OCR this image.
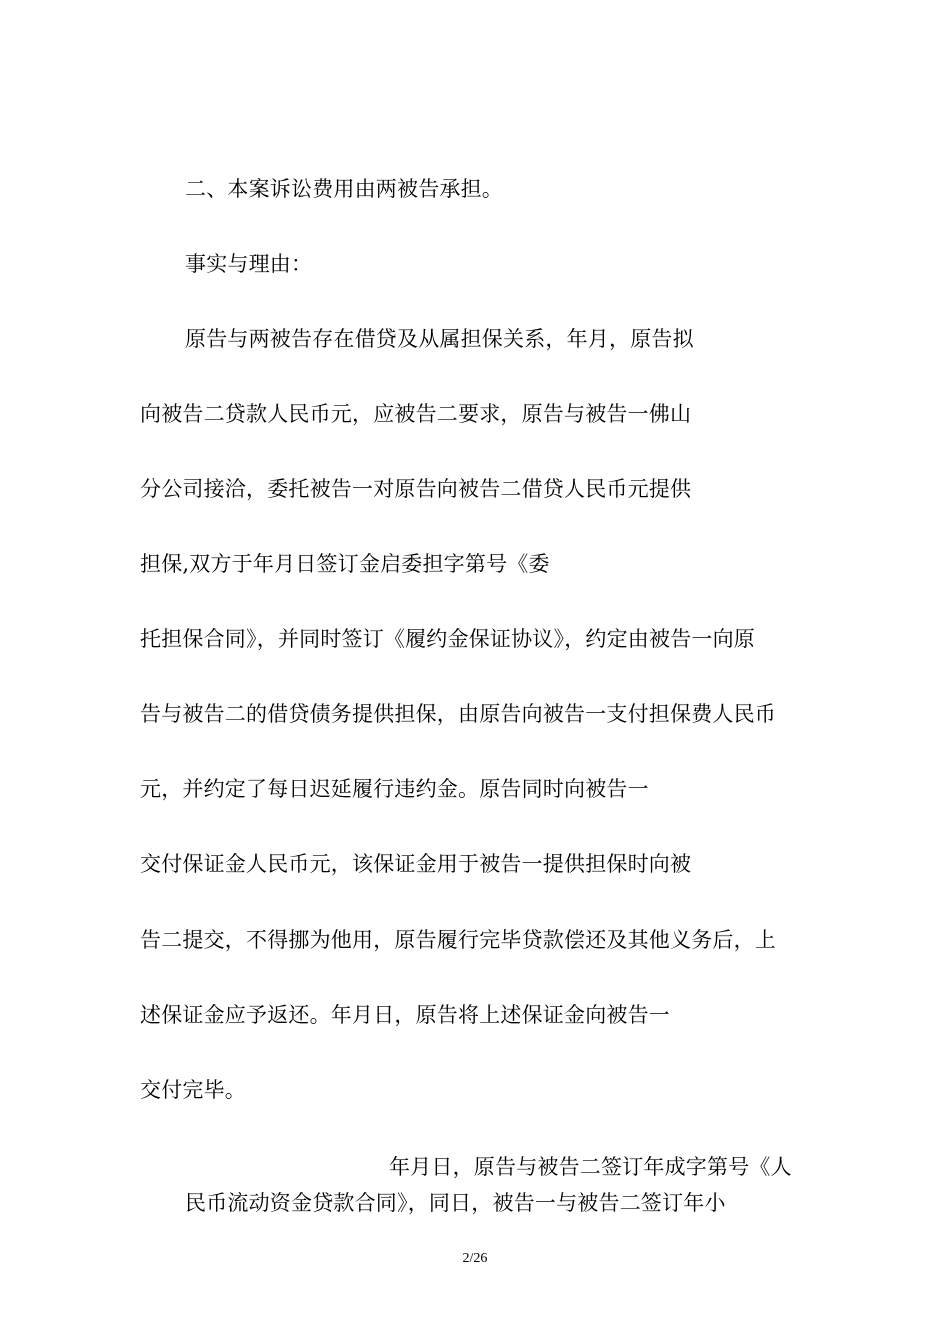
二、本案诉讼费用由两被告承担。
事实与理由：
原告与两被告存在借贷及从属担保关系，年月，原告拟
向被告二贷款人民币元，应被告二要求，原告与被告一佛山
分公司接洽，委托被告一对原告向被告二借贷人民币元提供
担保,双方于年月日签订金启委担字第号《委
托担保合同》，并同时签订《履约金保证协议》，约定由被告一向原
告与被告二的借贷债务提供担保，由原告向被告一支付担保费人民币
元，并约定了每日迟延履行违约金。原告同时向被告一
交付保证金人民币元，该保证金用于被告一提供担保时向被
告二提交，不得挪为他用，原告履行完毕贷款偿还及其他义务后，上
述保证金应予返还。年月日，原告将上述保证金向被告一
交付完毕。
年月日，原告与被告二签订年成字第号《人
民币流动资金贷款合同》，同日，被告一与被告二签订年小
2/26
